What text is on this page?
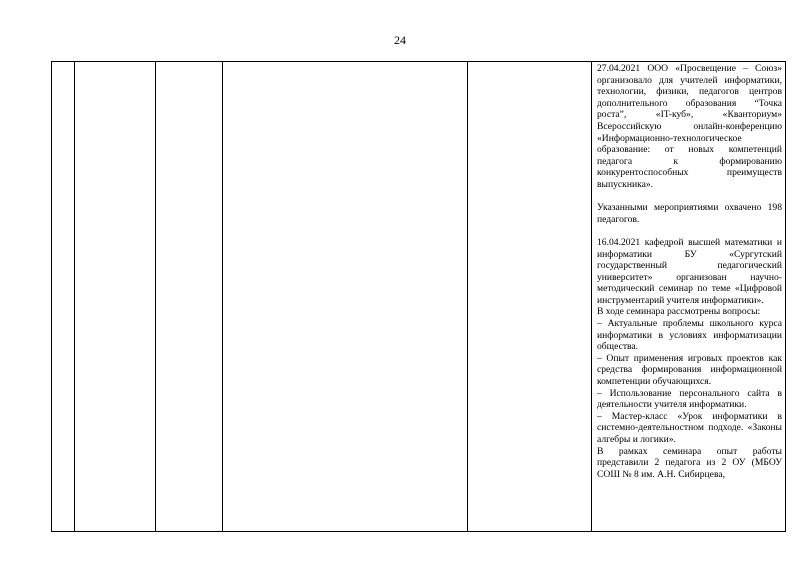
24

27.04.2021 ООО «Просвещение – Союз» организовало для учителей информатики, технологии, физики, педагогов центров дополнительного образования “Точка роста”, «IT-куб», «Кванториум» Всероссийскую онлайн-конференцию «Информационно-технологическое образование: от новых компетенций педагога к формированию конкурентоспособных преимуществ выпускника».

Указанными мероприятиями охвачено 198 педагогов.

16.04.2021 кафедрой высшей математики и информатики БУ «Сургутский государственный педагогический университет» организован научно-методический семинар по теме «Цифровой инструментарий учителя информатики».

В ходе семинара рассмотрены вопросы:

– Актуальные проблемы школьного курса информатики в условиях информатизации общества.

– Опыт применения игровых проектов как средства формирования информационной компетенции обучающихся.

– Использование персонального сайта в деятельности учителя информатики.

– Мастер-класс «Урок информатики в системно-деятельностном подходе. «Законы алгебры и логики».

В рамках семинара опыт работы представили 2 педагога из 2 ОУ (МБОУ СОШ № 8 им. А.Н. Сибирцева,
